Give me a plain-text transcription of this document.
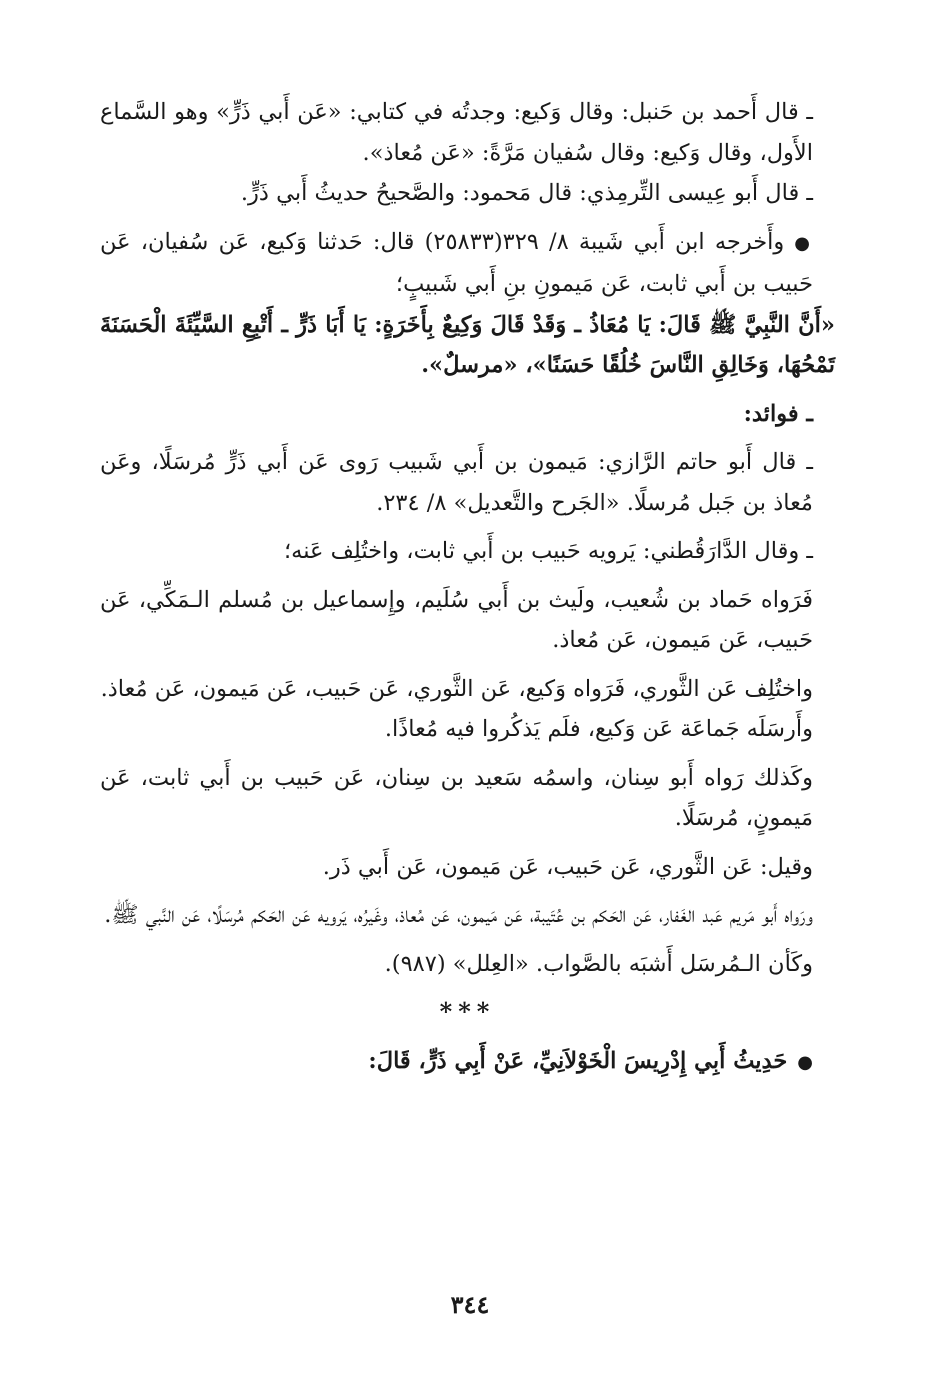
ـ قال أَحمد بن حَنبل: وقال وَكيع: وجدتُه في كتابي: «عَن أَبي ذَرٍّ» وهو السَّماع الأَول، وقال وَكيع: وقال سُفيان مَرَّةً: «عَن مُعاذ».

ـ قال أَبو عِيسى التِّرمِذي: قال مَحمود: والصَّحيحُ حديثُ أَبي ذَرٍّ.

●وأَخرجه ابن أَبي شَيبة ٨/ ٣٢٩(٢٥٨٣٣) قال: حَدثنا وَكيع، عَن سُفيان، عَن حَبيب بن أَبي ثابت، عَن مَيمونِ بنِ أَبي شَبيبٍ؛

«أَنَّ النَّبِيَّ ﷺ قَالَ: يَا مُعَاذُ ـ وَقَدْ قَالَ وَكِيعٌ بِأَخَرَةٍ: يَا أَبَا ذَرٍّ ـ أَتْبِعِ السَّيِّئَةَ الْحَسَنَةَ تَمْحُهَا، وَخَالِقِ النَّاسَ خُلُقًا حَسَنًا»، «مرسلٌ».

ـ فوائد:

ـ قال أَبو حاتم الرَّازي: مَيمون بن أَبي شَبيب رَوى عَن أَبي ذَرٍّ مُرسَلًا، وعَن مُعاذ بن جَبل مُرسلًا. «الجَرح والتَّعديل» ٨/ ٢٣٤.

ـ وقال الدَّارَقُطني: يَرويه حَبيب بن أَبي ثابت، واختُلِف عَنه؛

فَرَواه حَماد بن شُعيب، ولَيث بن أَبي سُلَيم، وإِسماعيل بن مُسلم الـمَكِّي، عَن حَبيب، عَن مَيمون، عَن مُعاذ.

واختُلِف عَن الثَّوري، فَرَواه وَكيع، عَن الثَّوري، عَن حَبيب، عَن مَيمون، عَن مُعاذ.

وأَرسَلَه جَماعَة عَن وَكيع، فلَم يَذكُروا فيه مُعاذًا.

وكَذلك رَواه أَبو سِنان، واسمُه سَعيد بن سِنان، عَن حَبيب بن أَبي ثابت، عَن مَيمونٍ، مُرسَلًا.

وقيل: عَن الثَّوري، عَن حَبيب، عَن مَيمون، عَن أَبي ذَر.

ورَواه أَبو مَريم عَبد الغَفار، عَن الحَكم بن عُتَيبة، عَن مَيمون، عَن مُعاذ، وغَيرُه، يَرويه عَن الحَكم مُرسَلًا، عَن النَّبي ﷺ.

وكَأن الـمُرسَل أَشبَه بالصَّواب. «العِلل» (٩٨٧).

***

●حَدِيثُ أَبِي إِدْرِيسَ الْخَوْلاَنِيِّ، عَنْ أَبِي ذَرٍّ، قَالَ:

٣٤٤
